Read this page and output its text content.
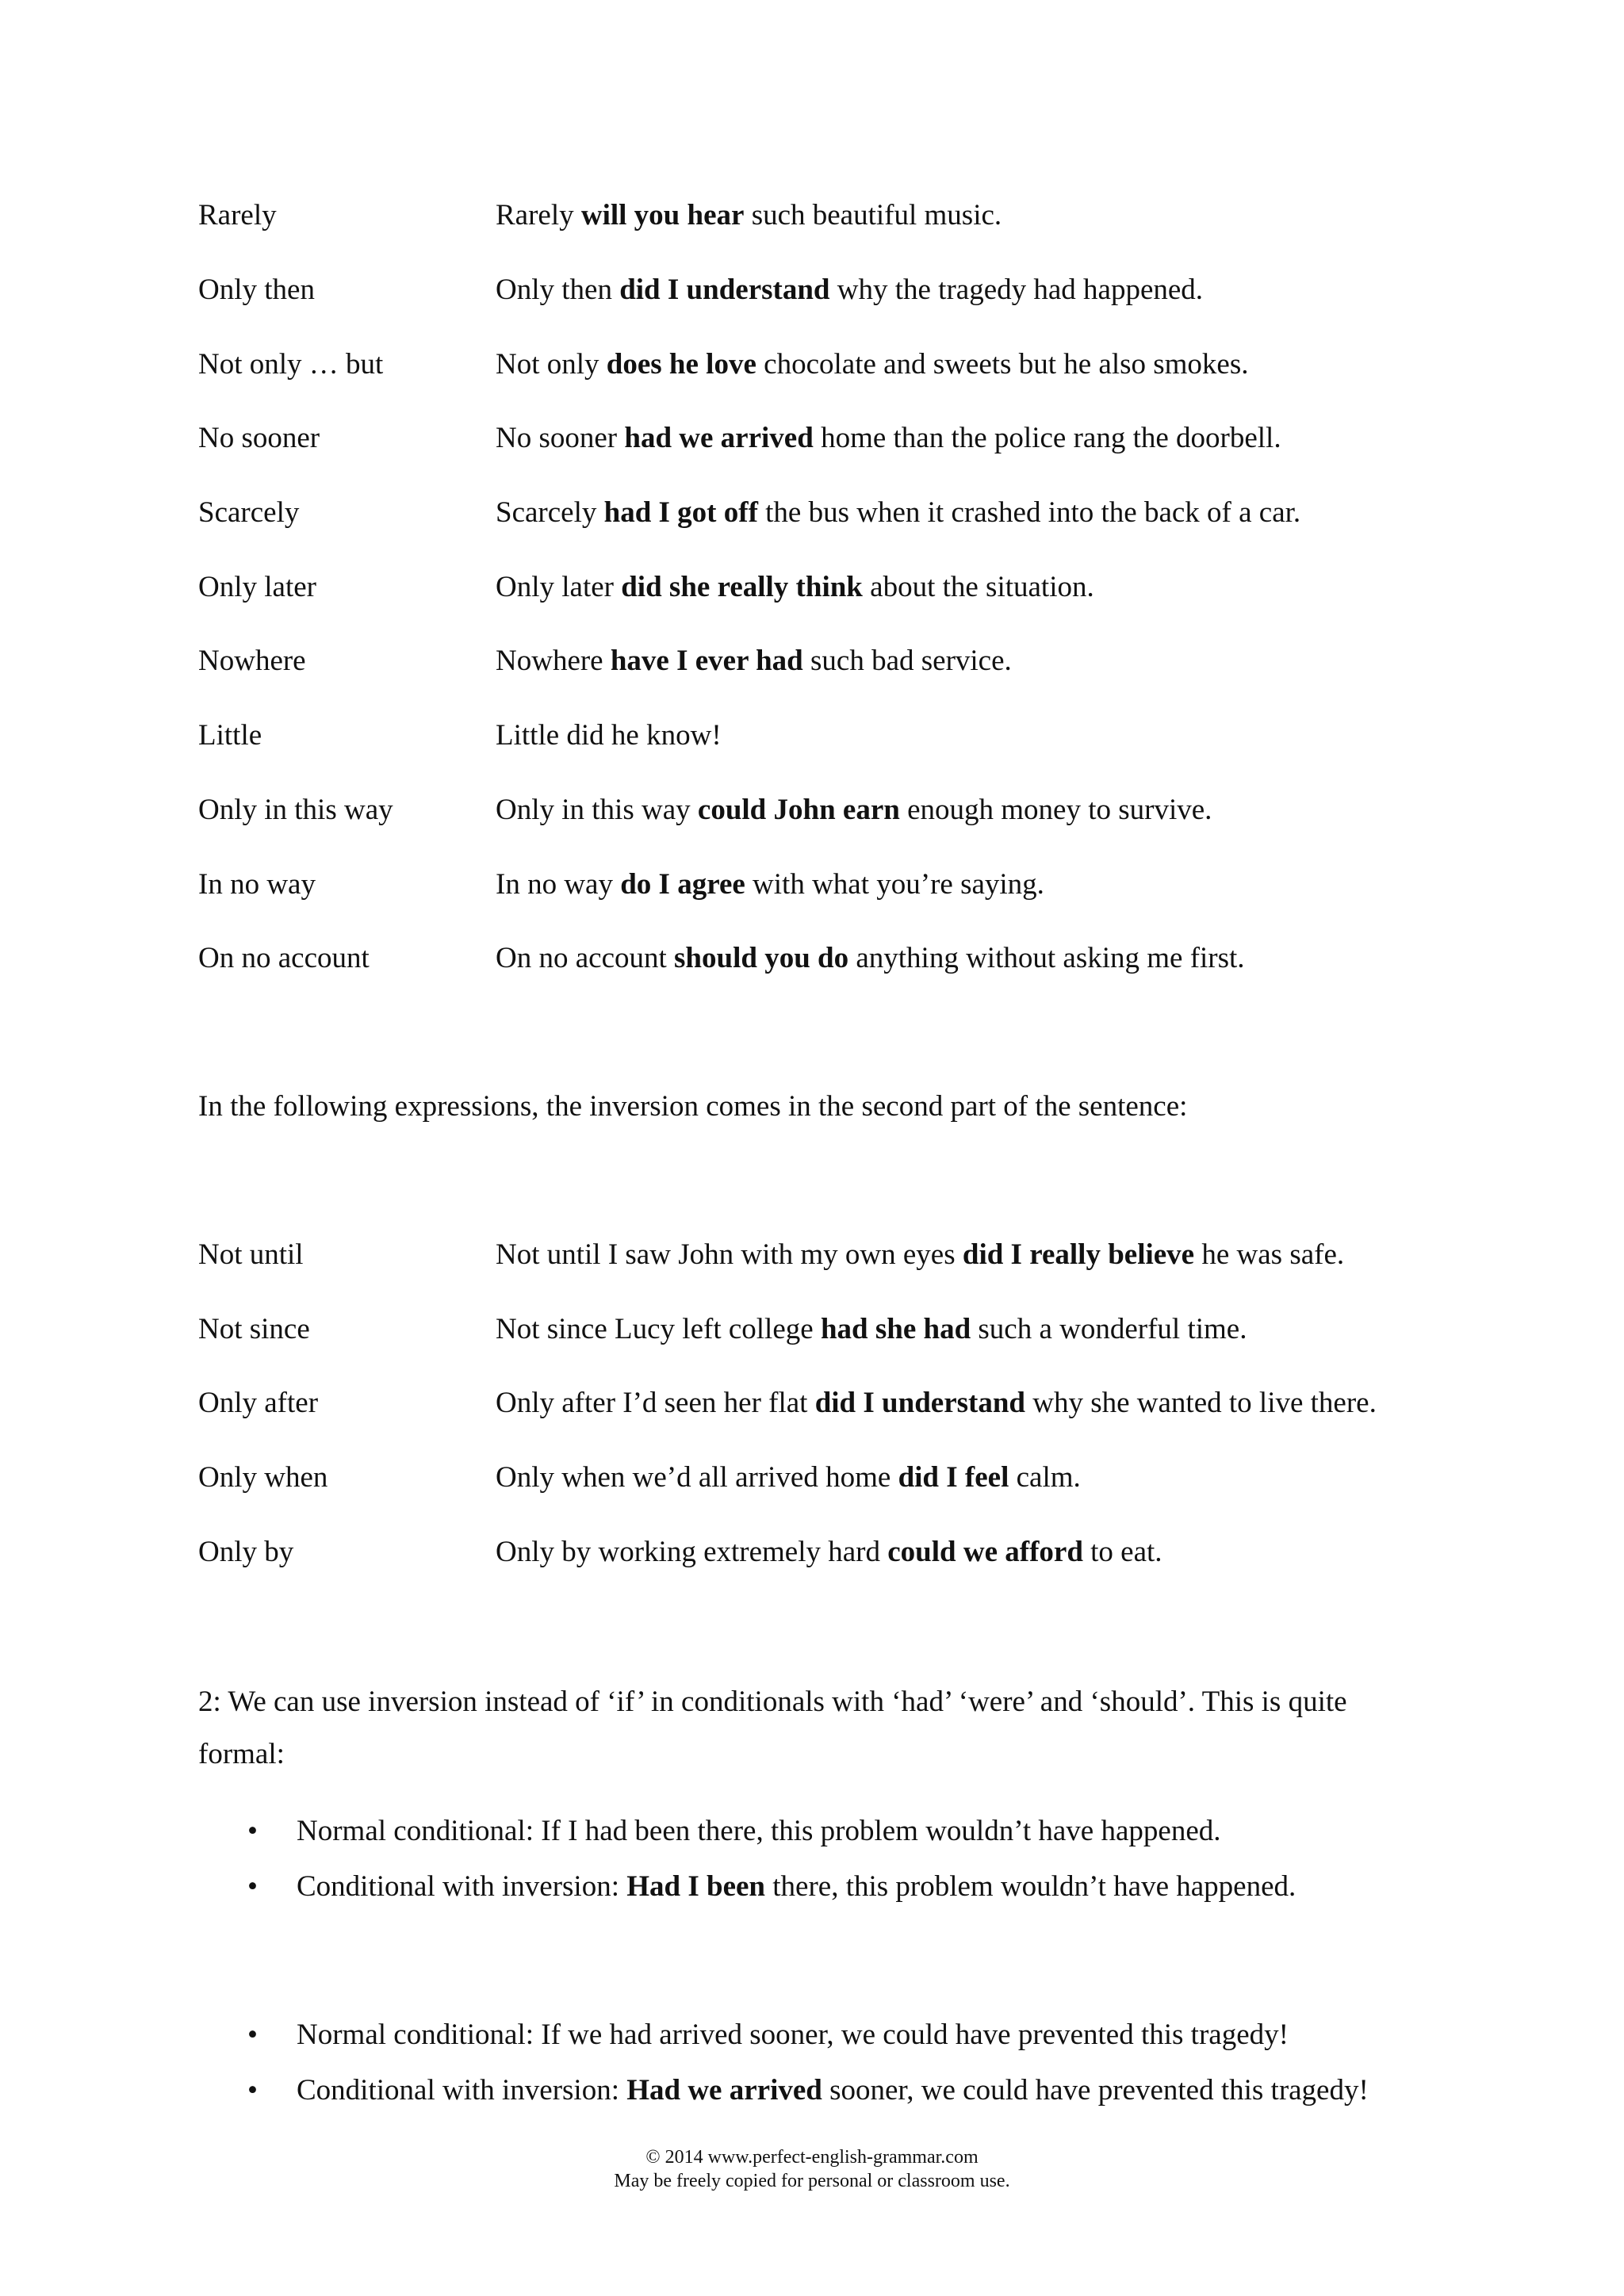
Rarely	Rarely will you hear such beautiful music.
Only then	Only then did I understand why the tragedy had happened.
Not only … but	Not only does he love chocolate and sweets but he also smokes.
No sooner	No sooner had we arrived home than the police rang the doorbell.
Scarcely	Scarcely had I got off the bus when it crashed into the back of a car.
Only later	Only later did she really think about the situation.
Nowhere	Nowhere have I ever had such bad service.
Little	Little did he know!
Only in this way	Only in this way could John earn enough money to survive.
In no way	In no way do I agree with what you’re saying.
On no account	On no account should you do anything without asking me first.
In the following expressions, the inversion comes in the second part of the sentence:
Not until	Not until I saw John with my own eyes did I really believe he was safe.
Not since	Not since Lucy left college had she had such a wonderful time.
Only after	Only after I’d seen her flat did I understand why she wanted to live there.
Only when	Only when we’d all arrived home did I feel calm.
Only by	Only by working extremely hard could we afford to eat.
2: We can use inversion instead of ‘if’ in conditionals with ‘had’ ‘were’ and ‘should’. This is quite formal:
• Normal conditional: If I had been there, this problem wouldn’t have happened.
• Conditional with inversion: Had I been there, this problem wouldn’t have happened.
• Normal conditional: If we had arrived sooner, we could have prevented this tragedy!
• Conditional with inversion: Had we arrived sooner, we could have prevented this tragedy!
© 2014 www.perfect-english-grammar.com
May be freely copied for personal or classroom use.
